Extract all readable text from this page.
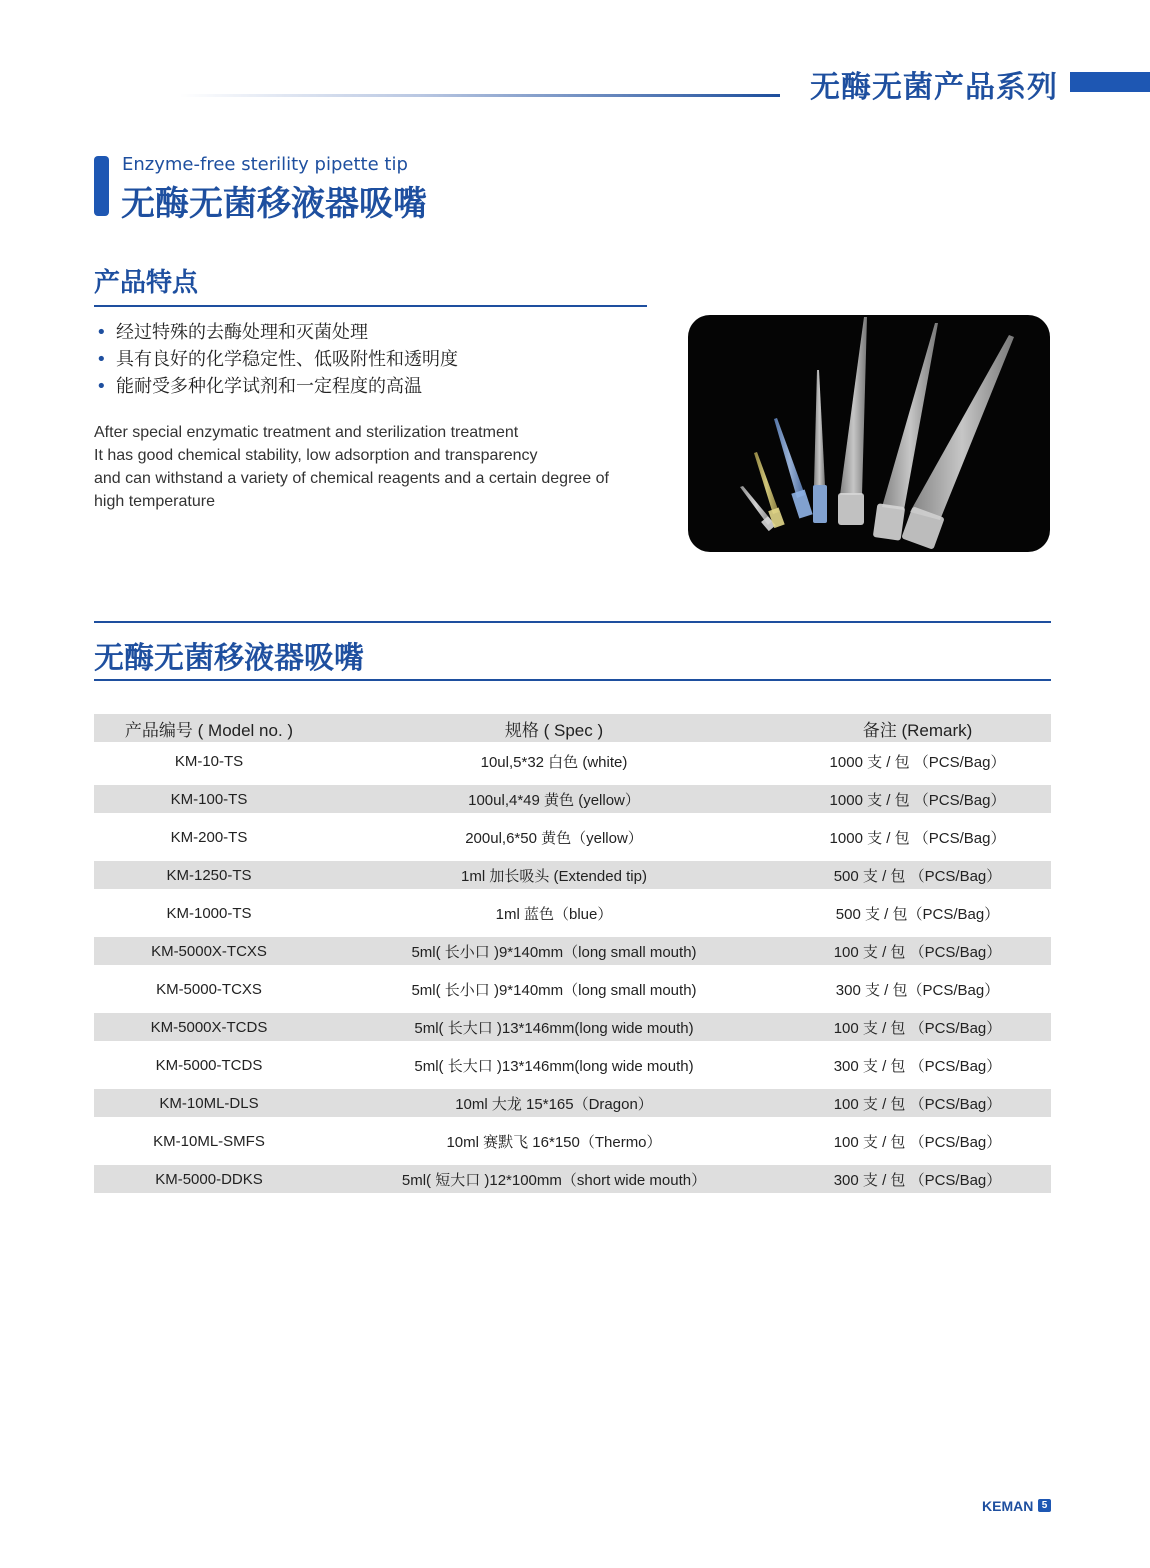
无酶无菌产品系列
Enzyme-free sterility pipette tip
无酶无菌移液器吸嘴
产品特点
• 经过特殊的去酶处理和灭菌处理
• 具有良好的化学稳定性、低吸附性和透明度
• 能耐受多种化学试剂和一定程度的高温
After special enzymatic treatment and sterilization treatment
It has good chemical stability, low adsorption and transparency
and can withstand a variety of chemical reagents and a certain degree of
high temperature
无酶无菌移液器吸嘴
产品编号 ( Model no. )	规格 ( Spec )	备注 (Remark)
KM-10-TS	10ul,5*32 白色 (white)	1000 支 / 包 （PCS/Bag）
KM-100-TS	100ul,4*49 黄色 (yellow）	1000 支 / 包 （PCS/Bag）
KM-200-TS	200ul,6*50 黄色（yellow）	1000 支 / 包 （PCS/Bag）
KM-1250-TS	1ml 加长吸头 (Extended tip)	500 支 / 包 （PCS/Bag）
KM-1000-TS	1ml 蓝色（blue）	500 支 / 包（PCS/Bag）
KM-5000X-TCXS	5ml( 长小口 )9*140mm（long small mouth)	100 支 / 包 （PCS/Bag）
KM-5000-TCXS	5ml( 长小口 )9*140mm（long small mouth)	300 支 / 包（PCS/Bag）
KM-5000X-TCDS	5ml( 长大口 )13*146mm(long wide mouth)	100 支 / 包 （PCS/Bag）
KM-5000-TCDS	5ml( 长大口 )13*146mm(long wide mouth)	300 支 / 包 （PCS/Bag）
KM-10ML-DLS	10ml 大龙 15*165（Dragon）	100 支 / 包 （PCS/Bag）
KM-10ML-SMFS	10ml 赛默飞 16*150（Thermo）	100 支 / 包 （PCS/Bag）
KM-5000-DDKS	5ml( 短大口 )12*100mm（short wide mouth）	300 支 / 包 （PCS/Bag）
KEMAN 5
